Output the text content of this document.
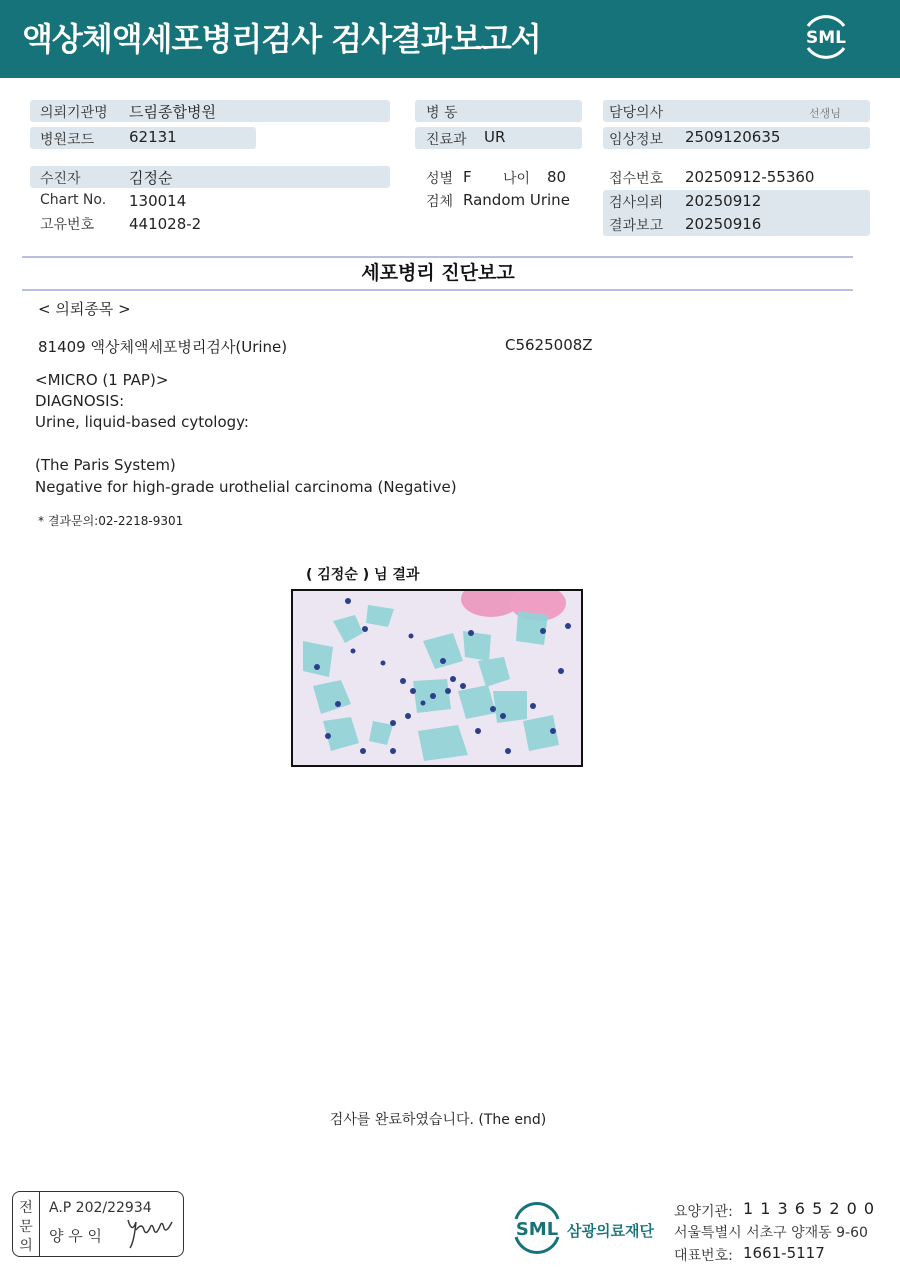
액상체액세포병리검사 검사결과보고서	SML
의뢰기관명 드림종합병원
병원코드 62131
수진자	김정순
Chart No. 130014
고유번호 441028-2
병 동
진료과 UR
성별 F 나이 80
검체 Random Urine
담당의사	선생님
임상정보 2509120635
접수번호 20250912-55360
검사의뢰 20250912
결과보고 20250916
세포병리 진단보고
< 의뢰종목 >
81409 액상체액세포병리검사(Urine)	C5625008Z
<MICRO (1 PAP)>
DIAGNOSIS:
Urine, liquid-based cytology:
(The Paris System)
Negative for high-grade urothelial carcinoma (Negative)
* 결과문의:02-2218-9301
( 김정순 ) 님 결과
검사를 완료하였습니다. (The end)
전
문
의
A.P 202/22934
양 우 익	SML 삼광의료재단
요양기관: 1 1 3 6 5 2 0 0
서울특별시 서초구 양재동 9-60
대표번호: 1661-5117
